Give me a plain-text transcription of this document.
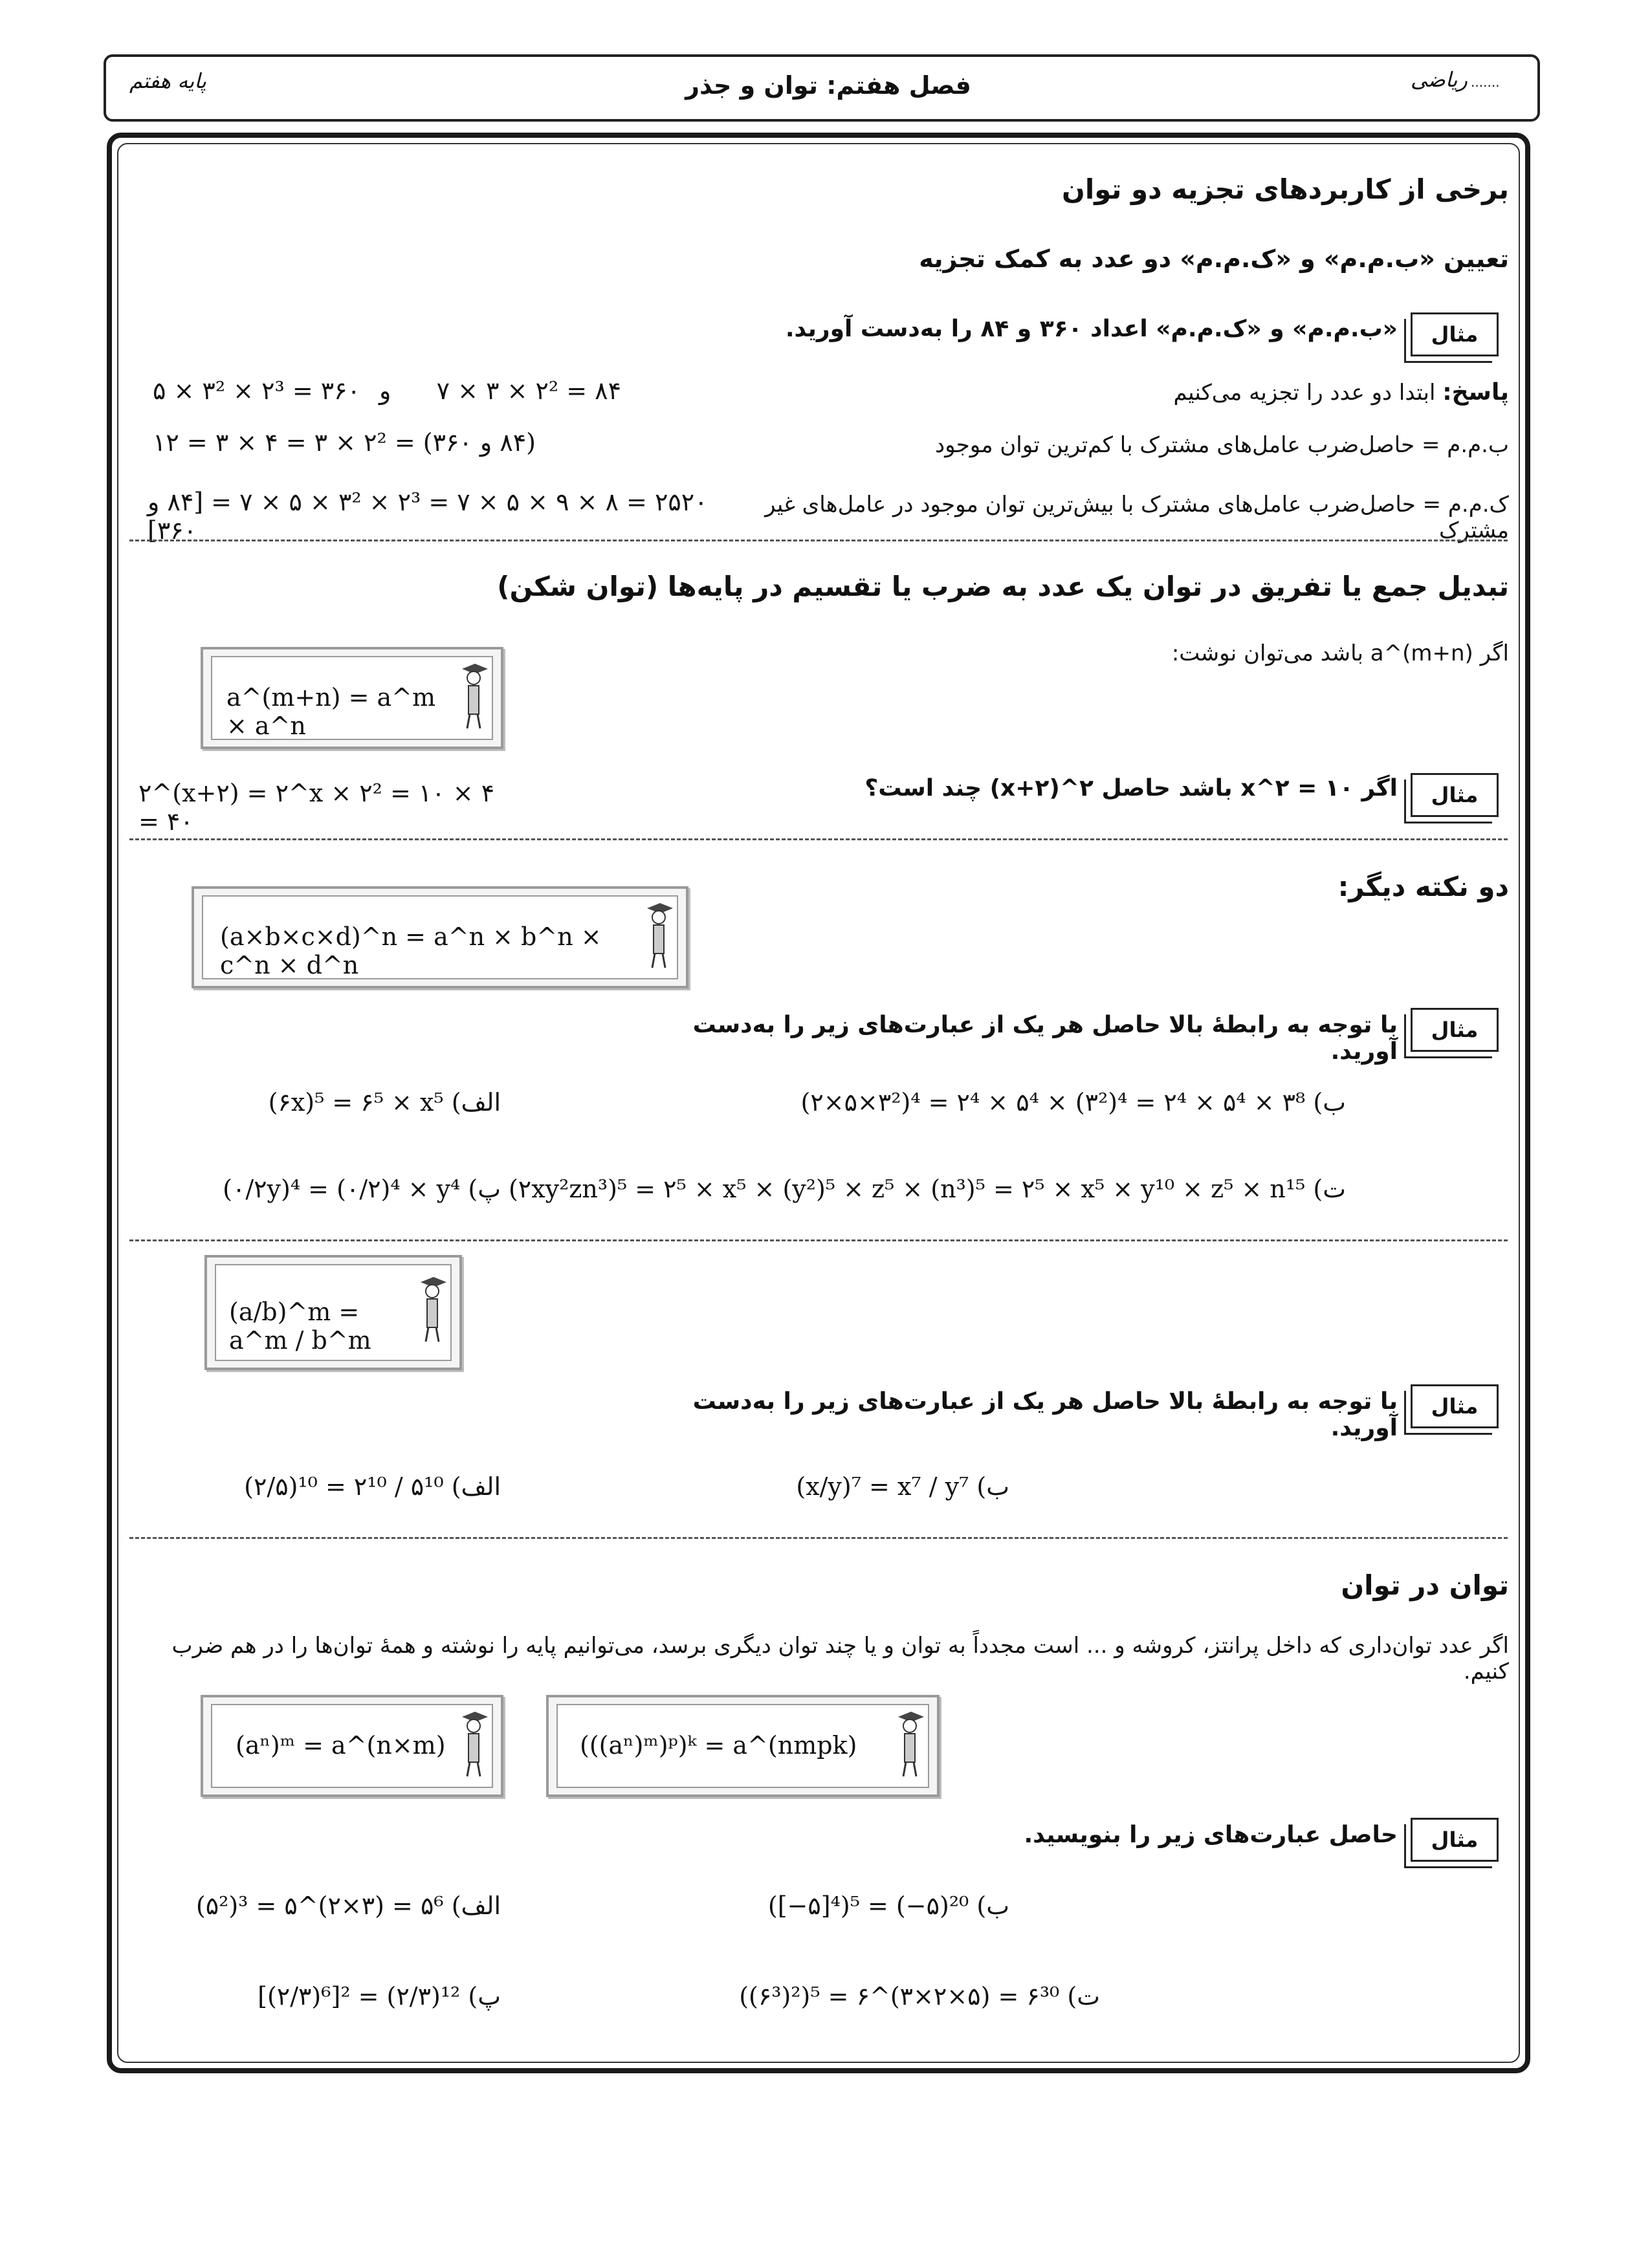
پایه هفتم	فصل هفتم: توان و جذر	ریاضی .......
برخی از کاربردهای تجزیه دو توان
تعیین «ب.م.م» و «ک.م.م» دو عدد به کمک تجزیه
مثال
«ب.م.م» و «ک.م.م» اعداد ۳۶۰ و ۸۴ را به‌دست آورید.
پاسخ: ابتدا دو عدد را تجزیه می‌کنیم
۳۶۰ = ۲³ × ۳² × ۵ و	۸۴ = ۲² × ۳ × ۷
ب.م.م = حاصل‌ضرب عامل‌های مشترک با کم‌ترین توان موجود
(۸۴ و ۳۶۰) = ۲² × ۳ = ۴ × ۳ = ۱۲
ک.م.م = حاصل‌ضرب عامل‌های مشترک با بیش‌ترین توان موجود در عامل‌های غیر مشترک
۲۵۲۰ = ۸ × ۹ × ۵ × ۷ = ۲³ × ۳² × ۵ × ۷ = [۸۴ و ۳۶۰]
تبدیل جمع یا تفریق در توان یک عدد به ضرب یا تقسیم در پایه‌ها (توان شکن)
اگر a^(m+n) باشد می‌توان نوشت:
a^(m+n) = a^m × a^n
مثال
اگر ۱۰ = ۲^x باشد حاصل ۲^(x+۲) چند است؟
۲^(x+۲) = ۲^x × ۲² = ۱۰ × ۴ = ۴۰
دو نکته دیگر:
(a×b×c×d)^n = a^n × b^n × c^n × d^n
مثال
با توجه به رابطهٔ بالا حاصل هر یک از عبارت‌های زیر را به‌دست آورید.
الف) (۶x)⁵ = ۶⁵ × x⁵	ب) (۲×۵×۳²)⁴ = ۲⁴ × ۵⁴ × (۳²)⁴ = ۲⁴ × ۵⁴ × ۳⁸
پ) (۰/۲y)⁴ = (۰/۲)⁴ × y⁴	ت) (۲xy²zn³)⁵ = ۲⁵ × x⁵ × (y²)⁵ × z⁵ × (n³)⁵ = ۲⁵ × x⁵ × y¹⁰ × z⁵ × n¹⁵
(a/b)^m = a^m / b^m
مثال
با توجه به رابطهٔ بالا حاصل هر یک از عبارت‌های زیر را به‌دست آورید.
الف) (۲/۵)¹⁰ = ۲¹⁰ / ۵¹⁰	ب) (x/y)⁷ = x⁷ / y⁷
توان در توان
اگر عدد توان‌داری که داخل پرانتز، کروشه و ... است مجدداً به توان و یا چند توان دیگری برسد، می‌توانیم پایه را نوشته و همهٔ توان‌ها را در هم ضرب کنیم.
(aⁿ)ᵐ = a^(n×m)	(((aⁿ)ᵐ)ᵖ)ᵏ = a^(nmpk)
مثال
حاصل عبارت‌های زیر را بنویسید.
الف) (۵²)³ = ۵^(۲×۳) = ۵⁶	ب) ([−۵]⁴)⁵ = (−۵)²⁰
پ) [(۲/۳)⁶]² = (۲/۳)¹²	ت) ((۶³)²)⁵ = ۶^(۳×۲×۵) = ۶³⁰
